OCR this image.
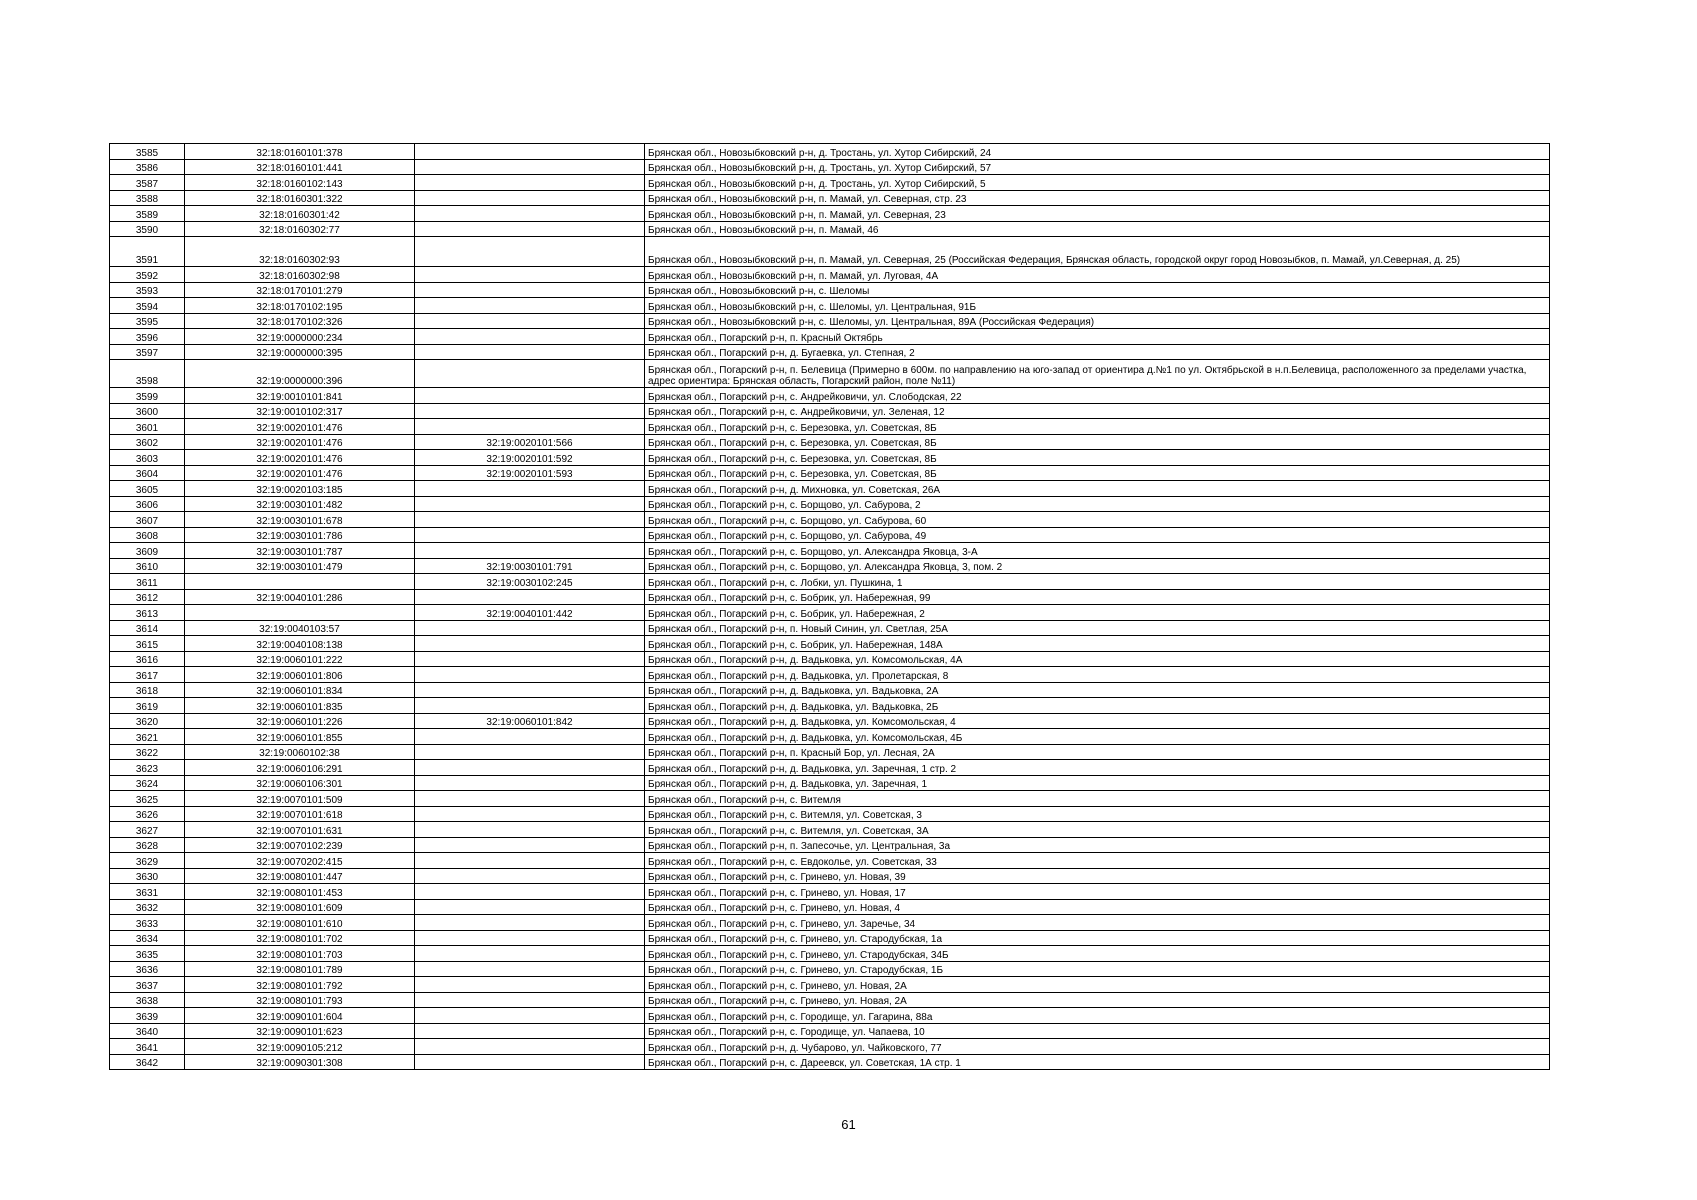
3585	32:18:0160101:378		Брянская обл., Новозыбковский р-н, д. Тростань, ул. Хутор Сибирский, 24
3586	32:18:0160101:441		Брянская обл., Новозыбковский р-н, д. Тростань, ул. Хутор Сибирский, 57
3587	32:18:0160102:143		Брянская обл., Новозыбковский р-н, д. Тростань, ул. Хутор Сибирский, 5
3588	32:18:0160301:322		Брянская обл., Новозыбковский р-н, п. Мамай, ул. Северная, стр. 23
3589	32:18:0160301:42		Брянская обл., Новозыбковский р-н, п. Мамай, ул. Северная, 23
3590	32:18:0160302:77		Брянская обл., Новозыбковский р-н, п. Мамай, 46
3591	32:18:0160302:93		Брянская обл., Новозыбковский р-н, п. Мамай, ул. Северная, 25 (Российская Федерация, Брянская область, городской округ город Новозыбков, п. Мамай, ул.Северная, д. 25)
3592	32:18:0160302:98		Брянская обл., Новозыбковский р-н, п. Мамай, ул. Луговая, 4А
3593	32:18:0170101:279		Брянская обл., Новозыбковский р-н, с. Шеломы
3594	32:18:0170102:195		Брянская обл., Новозыбковский р-н, с. Шеломы, ул. Центральная, 91Б
3595	32:18:0170102:326		Брянская обл., Новозыбковский р-н, с. Шеломы, ул. Центральная, 89А (Российская Федерация)
3596	32:19:0000000:234		Брянская обл., Погарский р-н, п. Красный Октябрь
3597	32:19:0000000:395		Брянская обл., Погарский р-н, д. Бугаевка, ул. Степная, 2
3598	32:19:0000000:396		Брянская обл., Погарский р-н, п. Белевица (Примерно в 600м. по направлению на юго-запад от ориентира д.№1 по ул. Октябрьской в н.п.Белевица, расположенного за пределами участка, адрес ориентира: Брянская область, Погарский район, поле №11)
3599	32:19:0010101:841		Брянская обл., Погарский р-н, с. Андрейковичи, ул. Слободская, 22
3600	32:19:0010102:317		Брянская обл., Погарский р-н, с. Андрейковичи, ул. Зеленая, 12
3601	32:19:0020101:476		Брянская обл., Погарский р-н, с. Березовка, ул. Советская, 8Б
3602	32:19:0020101:476	32:19:0020101:566	Брянская обл., Погарский р-н, с. Березовка, ул. Советская, 8Б
3603	32:19:0020101:476	32:19:0020101:592	Брянская обл., Погарский р-н, с. Березовка, ул. Советская, 8Б
3604	32:19:0020101:476	32:19:0020101:593	Брянская обл., Погарский р-н, с. Березовка, ул. Советская, 8Б
3605	32:19:0020103:185		Брянская обл., Погарский р-н, д. Михновка, ул. Советская, 26А
3606	32:19:0030101:482		Брянская обл., Погарский р-н, с. Борщово, ул. Сабурова, 2
3607	32:19:0030101:678		Брянская обл., Погарский р-н, с. Борщово, ул. Сабурова, 60
3608	32:19:0030101:786		Брянская обл., Погарский р-н, с. Борщово, ул. Сабурова, 49
3609	32:19:0030101:787		Брянская обл., Погарский р-н, с. Борщово, ул. Александра Яковца, 3-А
3610	32:19:0030101:479	32:19:0030101:791	Брянская обл., Погарский р-н, с. Борщово, ул. Александра Яковца, 3, пом. 2
3611		32:19:0030102:245	Брянская обл., Погарский р-н, с. Лобки, ул. Пушкина, 1
3612	32:19:0040101:286		Брянская обл., Погарский р-н, с. Бобрик, ул. Набережная, 99
3613		32:19:0040101:442	Брянская обл., Погарский р-н, с. Бобрик, ул. Набережная, 2
3614	32:19:0040103:57		Брянская обл., Погарский р-н, п. Новый Синин, ул. Светлая, 25А
3615	32:19:0040108:138		Брянская обл., Погарский р-н, с. Бобрик, ул. Набережная, 148А
3616	32:19:0060101:222		Брянская обл., Погарский р-н, д. Вадьковка, ул. Комсомольская, 4А
3617	32:19:0060101:806		Брянская обл., Погарский р-н, д. Вадьковка, ул. Пролетарская, 8
3618	32:19:0060101:834		Брянская обл., Погарский р-н, д. Вадьковка, ул. Вадьковка, 2А
3619	32:19:0060101:835		Брянская обл., Погарский р-н, д. Вадьковка, ул. Вадьковка, 2Б
3620	32:19:0060101:226	32:19:0060101:842	Брянская обл., Погарский р-н, д. Вадьковка, ул. Комсомольская, 4
3621	32:19:0060101:855		Брянская обл., Погарский р-н, д. Вадьковка, ул. Комсомольская, 4Б
3622	32:19:0060102:38		Брянская обл., Погарский р-н, п. Красный Бор, ул. Лесная, 2А
3623	32:19:0060106:291		Брянская обл., Погарский р-н, д. Вадьковка, ул. Заречная, 1 стр. 2
3624	32:19:0060106:301		Брянская обл., Погарский р-н, д. Вадьковка, ул. Заречная, 1
3625	32:19:0070101:509		Брянская обл., Погарский р-н, с. Витемля
3626	32:19:0070101:618		Брянская обл., Погарский р-н, с. Витемля, ул. Советская, 3
3627	32:19:0070101:631		Брянская обл., Погарский р-н, с. Витемля, ул. Советская, 3А
3628	32:19:0070102:239		Брянская обл., Погарский р-н, п. Запесочье, ул. Центральная, 3а
3629	32:19:0070202:415		Брянская обл., Погарский р-н, с. Евдоколье, ул. Советская, 33
3630	32:19:0080101:447		Брянская обл., Погарский р-н, с. Гринево, ул. Новая, 39
3631	32:19:0080101:453		Брянская обл., Погарский р-н, с. Гринево, ул. Новая, 17
3632	32:19:0080101:609		Брянская обл., Погарский р-н, с. Гринево, ул. Новая, 4
3633	32:19:0080101:610		Брянская обл., Погарский р-н, с. Гринево, ул. Заречье, 34
3634	32:19:0080101:702		Брянская обл., Погарский р-н, с. Гринево, ул. Стародубская, 1а
3635	32:19:0080101:703		Брянская обл., Погарский р-н, с. Гринево, ул. Стародубская, 34Б
3636	32:19:0080101:789		Брянская обл., Погарский р-н, с. Гринево, ул. Стародубская, 1Б
3637	32:19:0080101:792		Брянская обл., Погарский р-н, с. Гринево, ул. Новая, 2А
3638	32:19:0080101:793		Брянская обл., Погарский р-н, с. Гринево, ул. Новая, 2А
3639	32:19:0090101:604		Брянская обл., Погарский р-н, с. Городище, ул. Гагарина, 88а
3640	32:19:0090101:623		Брянская обл., Погарский р-н, с. Городище, ул. Чапаева, 10
3641	32:19:0090105:212		Брянская обл., Погарский р-н, д. Чубарово, ул. Чайковского, 77
3642	32:19:0090301:308		Брянская обл., Погарский р-н, с. Дареевск, ул. Советская, 1А стр. 1
61
